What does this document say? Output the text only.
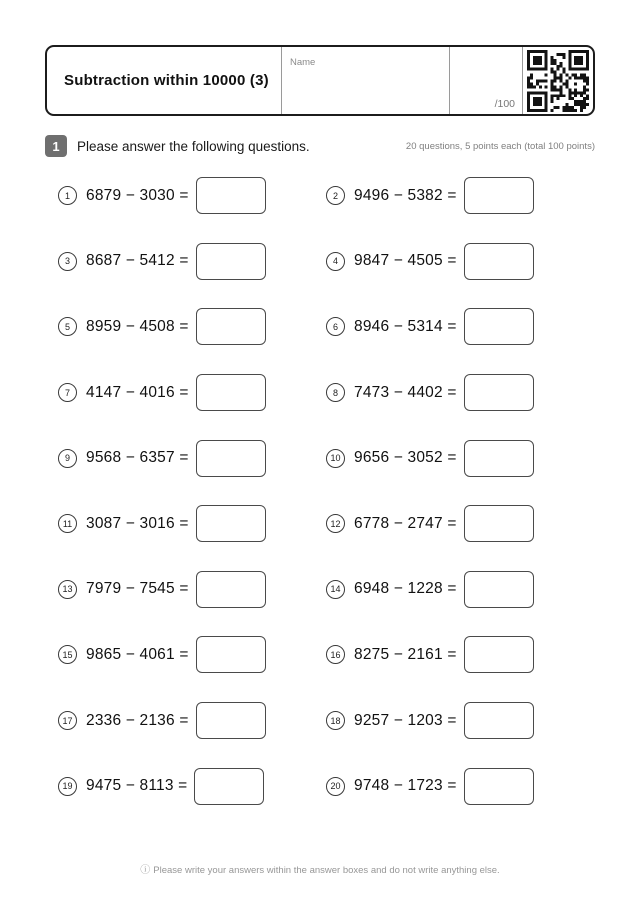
Subtraction within 10000 (3)
Name
/100
1	Please answer the following questions.	20 questions, 5 points each (total 100 points)
1	6879 − 3030 =	2	9496 − 5382 =
3	8687 − 5412 =	4	9847 − 4505 =
5	8959 − 4508 =	6	8946 − 5314 =
7	4147 − 4016 =	8	7473 − 4402 =
9	9568 − 6357 =	10 9656 − 3052 =
11 3087 − 3016 =	12 6778 − 2747 =
13 7979 − 7545 =	14 6948 − 1228 =
15 9865 − 4061 =	16 8275 − 2161 =
17 2336 − 2136 =	18 9257 − 1203 =
19 9475 − 8113 =	20 9748 − 1723 =
ⓘ Please write your answers within the answer boxes and do not write anything else.
